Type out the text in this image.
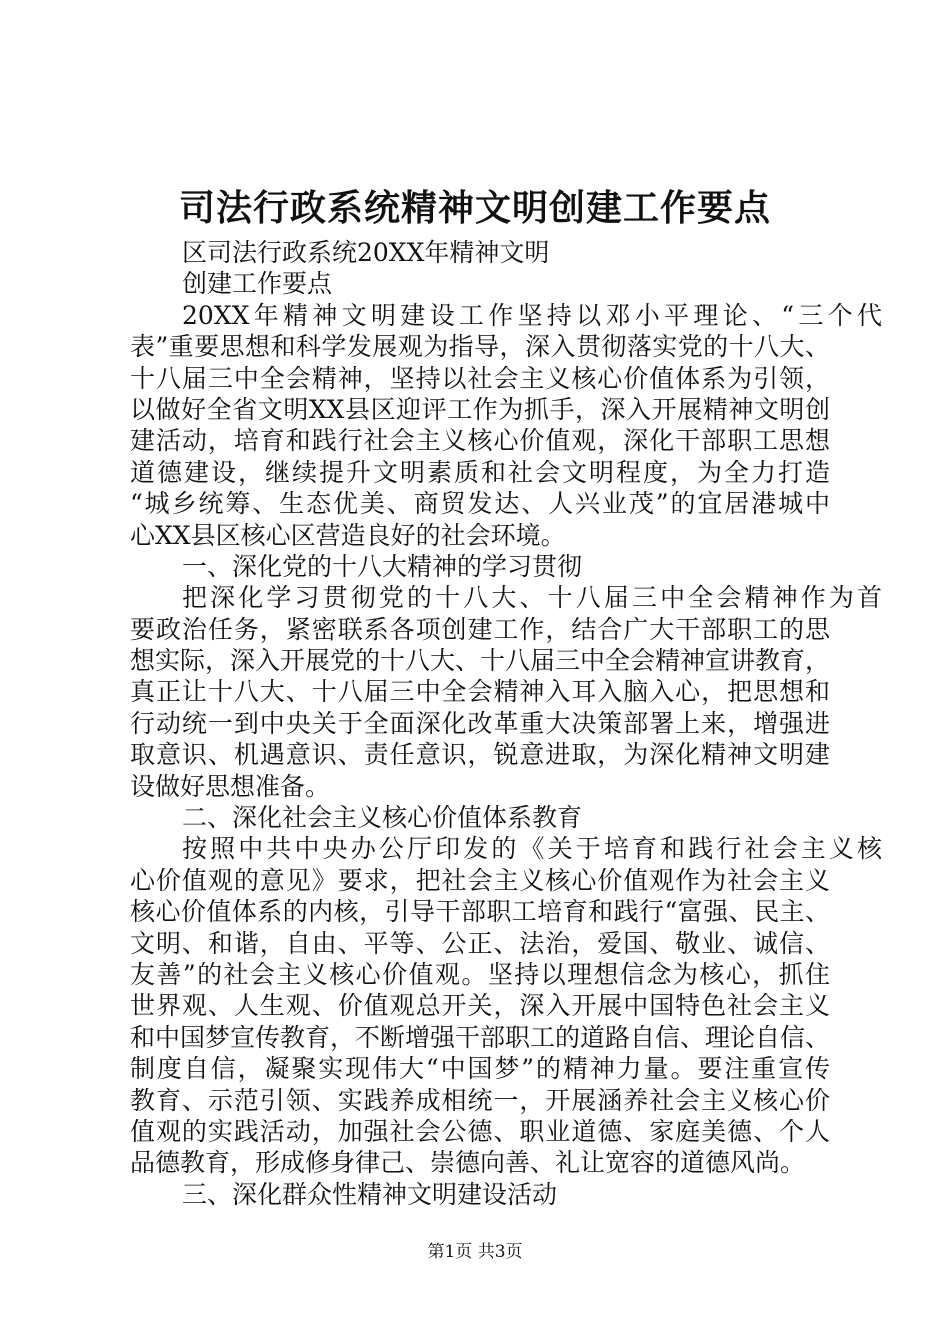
司法行政系统精神文明创建工作要点
区司法行政系统20XX年精神文明
创建工作要点
20XX年精神文明建设工作坚持以邓小平理论、“三个代
表”重要思想和科学发展观为指导，深入贯彻落实党的十八大、
十八届三中全会精神，坚持以社会主义核心价值体系为引领，
以做好全省文明XX县区迎评工作为抓手，深入开展精神文明创
建活动，培育和践行社会主义核心价值观，深化干部职工思想
道德建设，继续提升文明素质和社会文明程度，为全力打造
“城乡统筹、生态优美、商贸发达、人兴业茂”的宜居港城中
心XX县区核心区营造良好的社会环境。
一、深化党的十八大精神的学习贯彻
把深化学习贯彻党的十八大、十八届三中全会精神作为首
要政治任务，紧密联系各项创建工作，结合广大干部职工的思
想实际，深入开展党的十八大、十八届三中全会精神宣讲教育，
真正让十八大、十八届三中全会精神入耳入脑入心，把思想和
行动统一到中央关于全面深化改革重大决策部署上来，增强进
取意识、机遇意识、责任意识，锐意进取，为深化精神文明建
设做好思想准备。
二、深化社会主义核心价值体系教育
按照中共中央办公厅印发的《关于培育和践行社会主义核
心价值观的意见》要求，把社会主义核心价值观作为社会主义
核心价值体系的内核，引导干部职工培育和践行“富强、民主、
文明、和谐，自由、平等、公正、法治，爱国、敬业、诚信、
友善”的社会主义核心价值观。坚持以理想信念为核心，抓住
世界观、人生观、价值观总开关，深入开展中国特色社会主义
和中国梦宣传教育，不断增强干部职工的道路自信、理论自信、
制度自信，凝聚实现伟大“中国梦”的精神力量。要注重宣传
教育、示范引领、实践养成相统一，开展涵养社会主义核心价
值观的实践活动，加强社会公德、职业道德、家庭美德、个人
品德教育，形成修身律己、崇德向善、礼让宽容的道德风尚。
三、深化群众性精神文明建设活动
第1页 共3页
